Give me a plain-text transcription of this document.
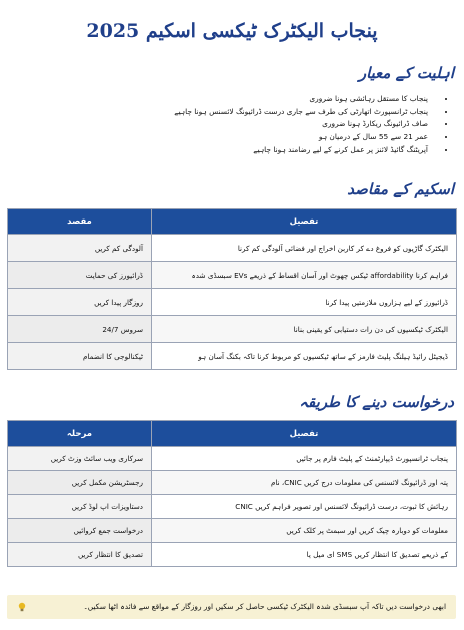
پنجاب الیکٹرک ٹیکسی اسکیم 2025
اہلیت کے معیار
• پنجاب کا مستقل رہائشی ہونا ضروری
• پنجاب ٹرانسپورٹ اتھارٹی کی طرف سے جاری درست ڈرائیونگ لائسنس ہونا چاہیے
• صاف ڈرائیونگ ریکارڈ ہونا ضروری
• عمر 21 سے 55 سال کے درمیان ہو
• آپریٹنگ گائیڈ لائنز پر عمل کرنے کے لیے رضامند ہونا چاہیے
اسکیم کے مقاصد
تفصیل	مقصد
الیکٹرک گاڑیوں کو فروغ دے کر کاربن اخراج اور فضائی آلودگی کم کرنا	آلودگی کم کریں
فراہم کرنا affordability ٹیکس چھوٹ اور آسان اقساط کے ذریعے EVs سبسڈی شدہ	ڈرائیورز کی حمایت
ڈرائیورز کے لیے ہزاروں ملازمتیں پیدا کرنا	روزگار پیدا کریں
الیکٹرک ٹیکسیوں کی دن رات دستیابی کو یقینی بنانا	سروس 24/7
ڈیجیٹل رائیڈ ہیلنگ پلیٹ فارمز کے ساتھ ٹیکسیوں کو مربوط کرنا تاکہ بکنگ آسان ہو	ٹیکنالوجی کا انضمام
درخواست دینے کا طریقہ
تفصیل	مرحلہ
پنجاب ٹرانسپورٹ ڈیپارٹمنٹ کے پلیٹ فارم پر جائیں	سرکاری ویب سائٹ وزٹ کریں
پتہ اور ڈرائیونگ لائسنس کی معلومات درج کریں CNIC، نام	رجسٹریشن مکمل کریں
رہائش کا ثبوت، درست ڈرائیونگ لائسنس اور تصویر فراہم کریں CNIC	دستاویزات اپ لوڈ کریں
معلومات کو دوبارہ چیک کریں اور سبمٹ پر کلک کریں	درخواست جمع کروائیں
کے ذریعے تصدیق کا انتظار کریں SMS ای میل یا	تصدیق کا انتظار کریں
ابھی درخواست دیں تاکہ آپ سبسڈی شدہ الیکٹرک ٹیکسی حاصل کر سکیں اور روزگار کے مواقع سے فائدہ اٹھا سکیں۔
